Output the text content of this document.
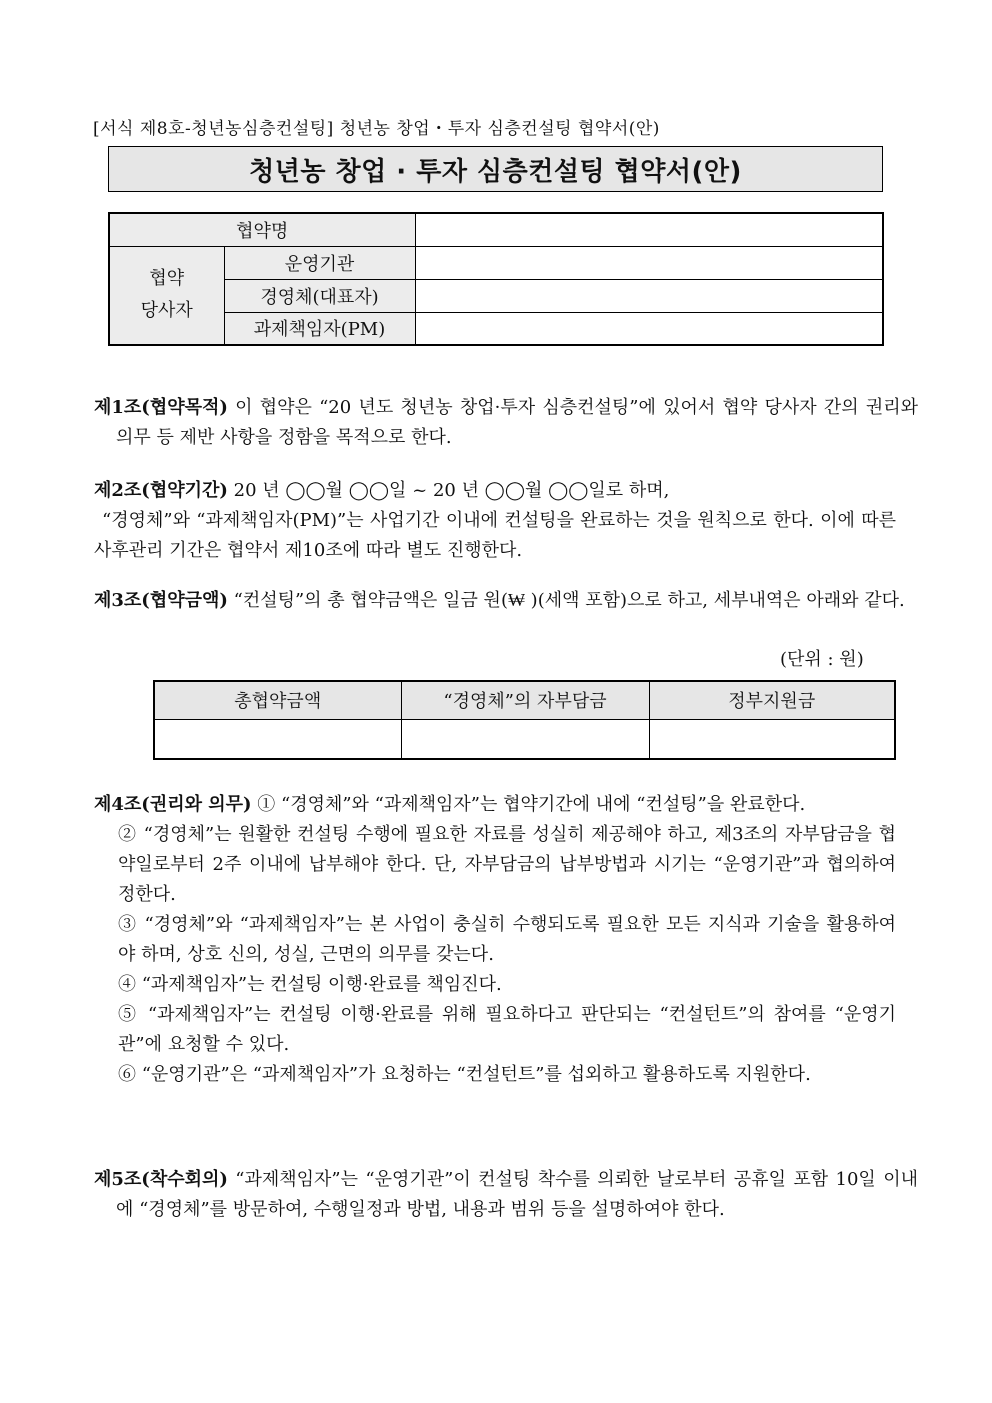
[서식 제8호-청년농심층컨설팅] 청년농 창업・투자 심층컨설팅 협약서(안)
청년농 창업 · 투자 심층컨설팅 협약서(안)
협약명		
협약
당사자	운영기관	
	경영체(대표자)	
	과제책임자(PM)	
제1조(협약목적) 이 협약은 “20 년도 청년농 창업·투자 심층컨설팅”에 있어서 협약 당사자 간의 권리와 의무 등 제반 사항을 정함을 목적으로 한다.
제2조(협약기간) 20 년 ◯◯월 ◯◯일 ~ 20 년 ◯◯월 ◯◯일로 하며,
“경영체”와 “과제책임자(PM)”는 사업기간 이내에 컨설팅을 완료하는 것을 원칙으로 한다. 이에 따른 사후관리 기간은 협약서 제10조에 따라 별도 진행한다.
제3조(협약금액) “컨설팅”의 총 협약금액은 일금 원(₩ )(세액 포함)으로 하고, 세부내역은 아래와 같다.
(단위 : 원)
총협약금액	“경영체”의 자부담금	정부지원금

제4조(권리와 의무) ① “경영체”와 “과제책임자”는 협약기간에 내에 “컨설팅”을 완료한다.
② “경영체”는 원활한 컨설팅 수행에 필요한 자료를 성실히 제공해야 하고, 제3조의 자부담금을 협약일로부터 2주 이내에 납부해야 한다. 단, 자부담금의 납부방법과 시기는 “운영기관”과 협의하여 정한다.
③ “경영체”와 “과제책임자”는 본 사업이 충실히 수행되도록 필요한 모든 지식과 기술을 활용하여야 하며, 상호 신의, 성실, 근면의 의무를 갖는다.
④ “과제책임자”는 컨설팅 이행·완료를 책임진다.
⑤ “과제책임자”는 컨설팅 이행·완료를 위해 필요하다고 판단되는 “컨설턴트”의 참여를 “운영기관”에 요청할 수 있다.
⑥ “운영기관”은 “과제책임자”가 요청하는 “컨설턴트”를 섭외하고 활용하도록 지원한다.
제5조(착수회의) “과제책임자”는 “운영기관”이 컨설팅 착수를 의뢰한 날로부터 공휴일 포함 10일 이내에 “경영체”를 방문하여, 수행일정과 방법, 내용과 범위 등을 설명하여야 한다.
